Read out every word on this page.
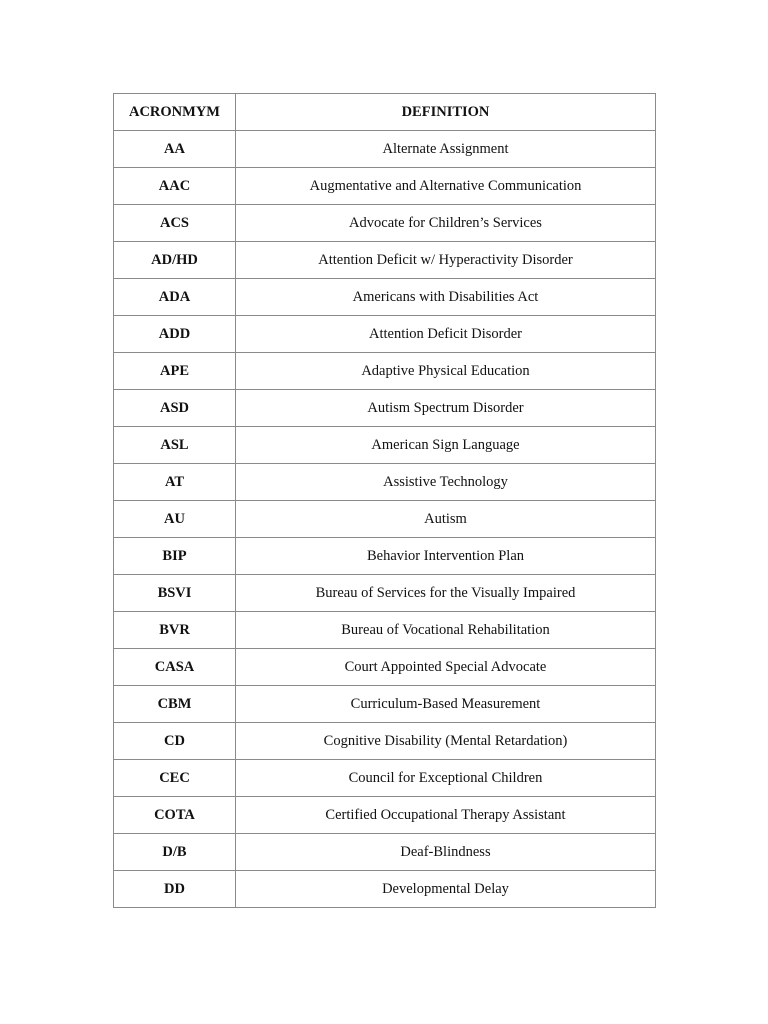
ACRONMYM	DEFINITION
AA	Alternate Assignment
AAC	Augmentative and Alternative Communication
ACS	Advocate for Children’s Services
AD/HD	Attention Deficit w/ Hyperactivity Disorder
ADA	Americans with Disabilities Act
ADD	Attention Deficit Disorder
APE	Adaptive Physical Education
ASD	Autism Spectrum Disorder
ASL	American Sign Language
AT	Assistive Technology
AU	Autism
BIP	Behavior Intervention Plan
BSVI	Bureau of Services for the Visually Impaired
BVR	Bureau of Vocational Rehabilitation
CASA	Court Appointed Special Advocate
CBM	Curriculum-Based Measurement
CD	Cognitive Disability (Mental Retardation)
CEC	Council for Exceptional Children
COTA	Certified Occupational Therapy Assistant
D/B	Deaf-Blindness
DD	Developmental Delay
